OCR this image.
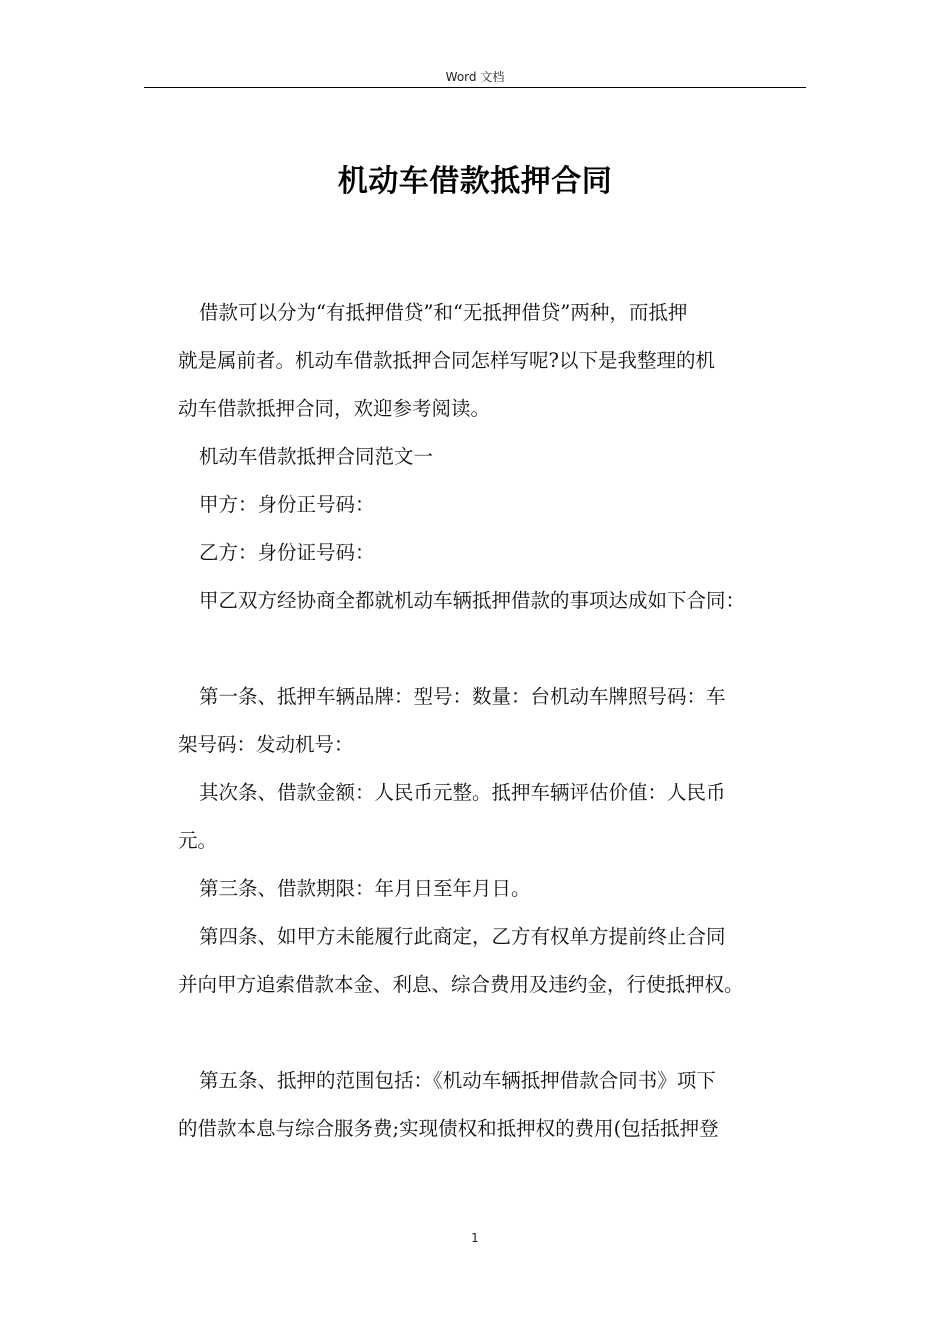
Word 文档
机动车借款抵押合同

借款可以分为“有抵押借贷”和“无抵押借贷”两种，而抵押
就是属前者。机动车借款抵押合同怎样写呢?以下是我整理的机
动车借款抵押合同，欢迎参考阅读。

机动车借款抵押合同范文一

甲方：身份正号码：

乙方：身份证号码：

甲乙双方经协商全都就机动车辆抵押借款的事项达成如下合同：

第一条、抵押车辆品牌：型号：数量：台机动车牌照号码：车
架号码：发动机号：

其次条、借款金额：人民币元整。抵押车辆评估价值：人民币
元。

第三条、借款期限：年月日至年月日。

第四条、如甲方未能履行此商定，乙方有权单方提前终止合同
并向甲方追索借款本金、利息、综合费用及违约金，行使抵押权。

第五条、抵押的范围包括：《机动车辆抵押借款合同书》项下
的借款本息与综合服务费;实现债权和抵押权的费用(包括抵押登

1
